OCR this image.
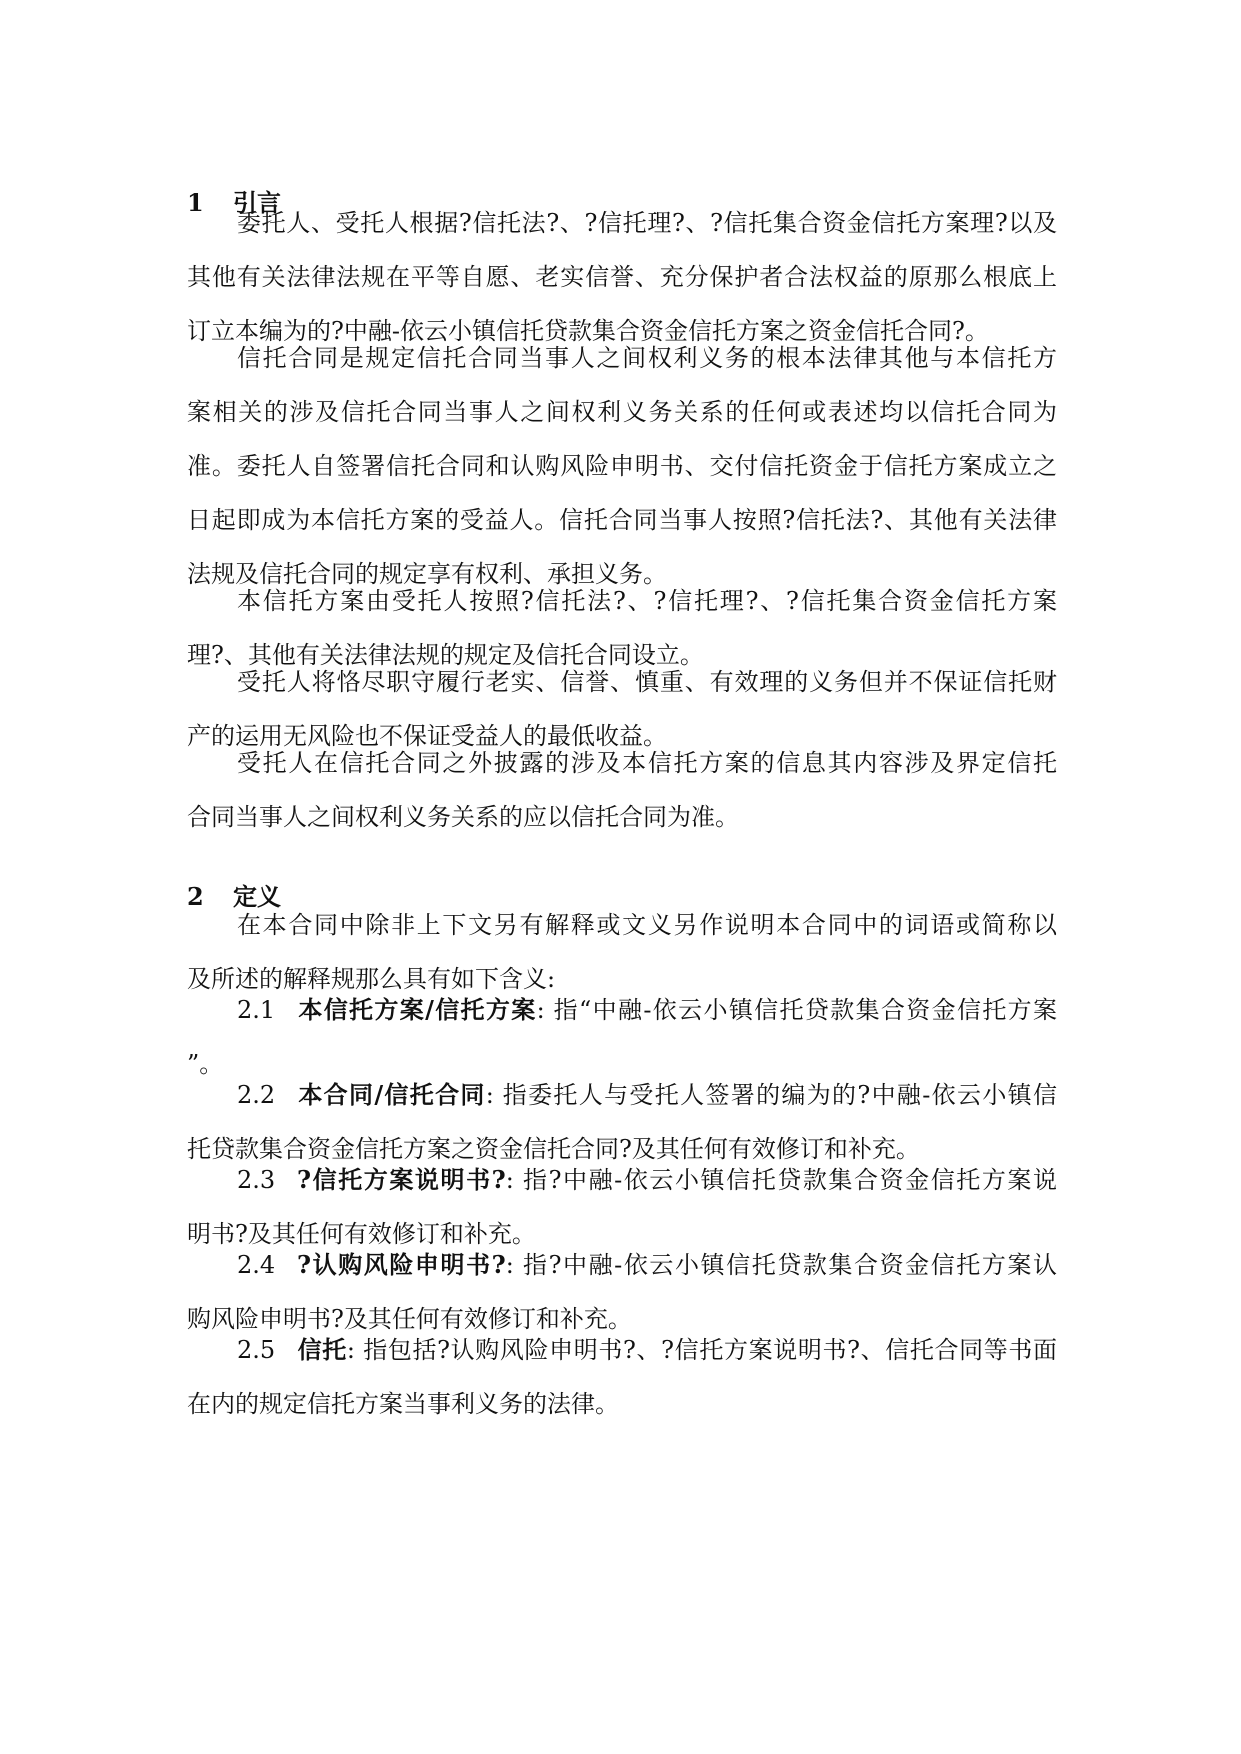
1 引言
委托人、受托人根据?信托法?、?信托理?、?信托集合资金信托方案理?以及
其他有关法律法规在平等自愿、老实信誉、充分保护者合法权益的原那么根底上
订立本编为的?中融-依云小镇信托贷款集合资金信托方案之资金信托合同?。
信托合同是规定信托合同当事人之间权利义务的根本法律其他与本信托方
案相关的涉及信托合同当事人之间权利义务关系的任何或表述均以信托合同为
准。委托人自签署信托合同和认购风险申明书、交付信托资金于信托方案成立之
日起即成为本信托方案的受益人。信托合同当事人按照?信托法?、其他有关法律
法规及信托合同的规定享有权利、承担义务。
本信托方案由受托人按照?信托法?、?信托理?、?信托集合资金信托方案
理?、其他有关法律法规的规定及信托合同设立。
受托人将恪尽职守履行老实、信誉、慎重、有效理的义务但并不保证信托财
产的运用无风险也不保证受益人的最低收益。
受托人在信托合同之外披露的涉及本信托方案的信息其内容涉及界定信托
合同当事人之间权利义务关系的应以信托合同为准。
2 定义
在本合同中除非上下文另有解释或文义另作说明本合同中的词语或简称以
及所述的解释规那么具有如下含义:
2.1 本信托方案/信托方案: 指“中融-依云小镇信托贷款集合资金信托方案
”。
2.2 本合同/信托合同: 指委托人与受托人签署的编为的?中融-依云小镇信
托贷款集合资金信托方案之资金信托合同?及其任何有效修订和补充。
2.3 ?信托方案说明书?: 指?中融-依云小镇信托贷款集合资金信托方案说
明书?及其任何有效修订和补充。
2.4 ?认购风险申明书?: 指?中融-依云小镇信托贷款集合资金信托方案认
购风险申明书?及其任何有效修订和补充。
2.5 信托: 指包括?认购风险申明书?、?信托方案说明书?、信托合同等书面
在内的规定信托方案当事利义务的法律。
